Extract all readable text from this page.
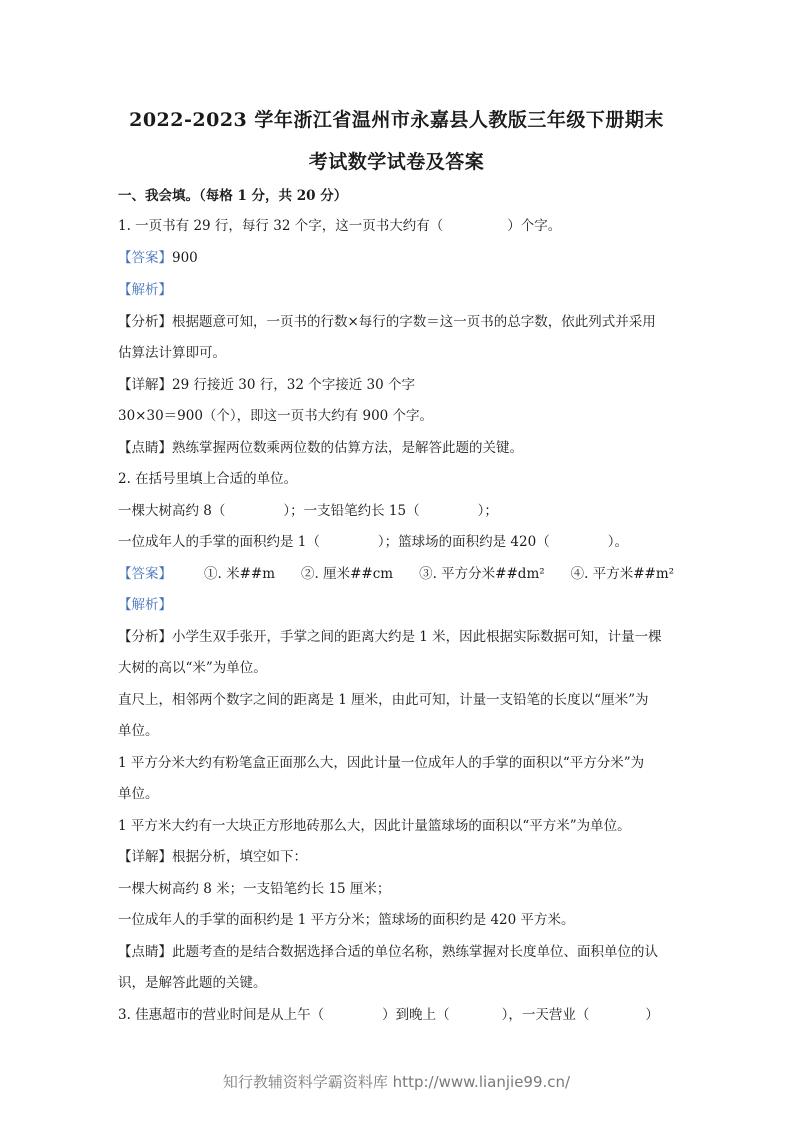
2022-2023 学年浙江省温州市永嘉县人教版三年级下册期末
考试数学试卷及答案
一、我会填。（每格 1 分，共 20 分）
1. 一页书有 29 行，每行 32 个字，这一页书大约有（	）个字。
【答案】900
【解析】
【分析】根据题意可知，一页书的行数×每行的字数＝这一页书的总字数，依此列式并采用
估算法计算即可。
【详解】29 行接近 30 行，32 个字接近 30 个字
30×30＝900（个），即这一页书大约有 900 个字。
【点睛】熟练掌握两位数乘两位数的估算方法，是解答此题的关键。
2. 在括号里填上合适的单位。
一棵大树高约 8（	）；一支铅笔约长 15（	）；
一位成年人的手掌的面积约是 1（	）；篮球场的面积约是 420（	）。
【答案】 ①. 米##m ②. 厘米##cm ③. 平方分米##dm² ④. 平方米##m²
【解析】
【分析】小学生双手张开，手掌之间的距离大约是 1 米，因此根据实际数据可知，计量一棵
大树的高以“米”为单位。
直尺上，相邻两个数字之间的距离是 1 厘米，由此可知，计量一支铅笔的长度以“厘米”为
单位。
1 平方分米大约有粉笔盒正面那么大，因此计量一位成年人的手掌的面积以“平方分米”为
单位。
1 平方米大约有一大块正方形地砖那么大，因此计量篮球场的面积以“平方米”为单位。
【详解】根据分析，填空如下：
一棵大树高约 8 米；一支铅笔约长 15 厘米；
一位成年人的手掌的面积约是 1 平方分米；篮球场的面积约是 420 平方米。
【点睛】此题考查的是结合数据选择合适的单位名称，熟练掌握对长度单位、面积单位的认
识，是解答此题的关键。
3. 佳惠超市的营业时间是从上午（	）到晚上（	），一天营业（	）
知行教辅资料学霸资料库 http://www.lianjie99.cn/
